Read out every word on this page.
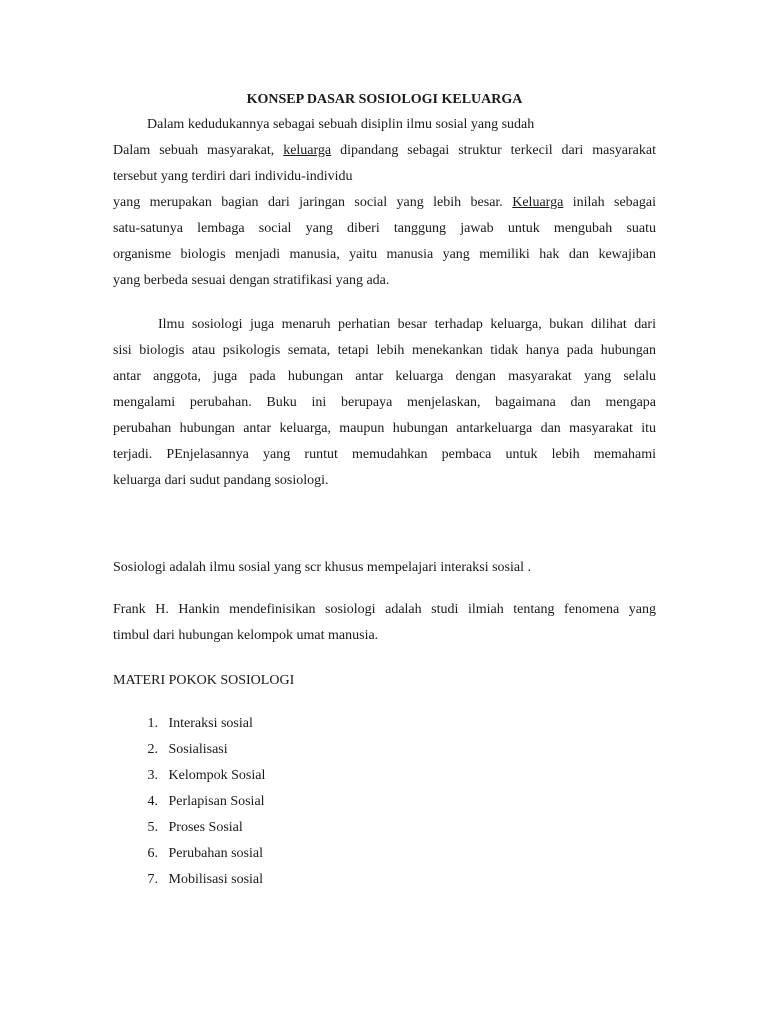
KONSEP DASAR SOSIOLOGI KELUARGA
Dalam kedudukannya sebagai sebuah disiplin ilmu sosial yang sudah
Dalam sebuah masyarakat, keluarga dipandang sebagai struktur terkecil dari masyarakat
tersebut yang terdiri dari individu-individu
yang merupakan bagian dari jaringan social yang lebih besar. Keluarga inilah sebagai
satu-satunya lembaga social yang diberi tanggung jawab untuk mengubah suatu
organisme biologis menjadi manusia, yaitu manusia yang memiliki hak dan kewajiban
yang berbeda sesuai dengan stratifikasi yang ada.
Ilmu sosiologi juga menaruh perhatian besar terhadap keluarga, bukan dilihat dari
sisi biologis atau psikologis semata, tetapi lebih menekankan tidak hanya pada hubungan
antar anggota, juga pada hubungan antar keluarga dengan masyarakat yang selalu
mengalami perubahan. Buku ini berupaya menjelaskan, bagaimana dan mengapa
perubahan hubungan antar keluarga, maupun hubungan antarkeluarga dan masyarakat itu
terjadi. PEnjelasannya yang runtut memudahkan pembaca untuk lebih memahami
keluarga dari sudut pandang sosiologi.
Sosiologi adalah ilmu sosial yang scr khusus mempelajari interaksi sosial .
Frank H. Hankin mendefinisikan sosiologi adalah studi ilmiah tentang fenomena yang
timbul dari hubungan kelompok umat manusia.
MATERI POKOK SOSIOLOGI
1. Interaksi sosial
2. Sosialisasi
3. Kelompok Sosial
4. Perlapisan Sosial
5. Proses Sosial
6. Perubahan sosial
7. Mobilisasi sosial
